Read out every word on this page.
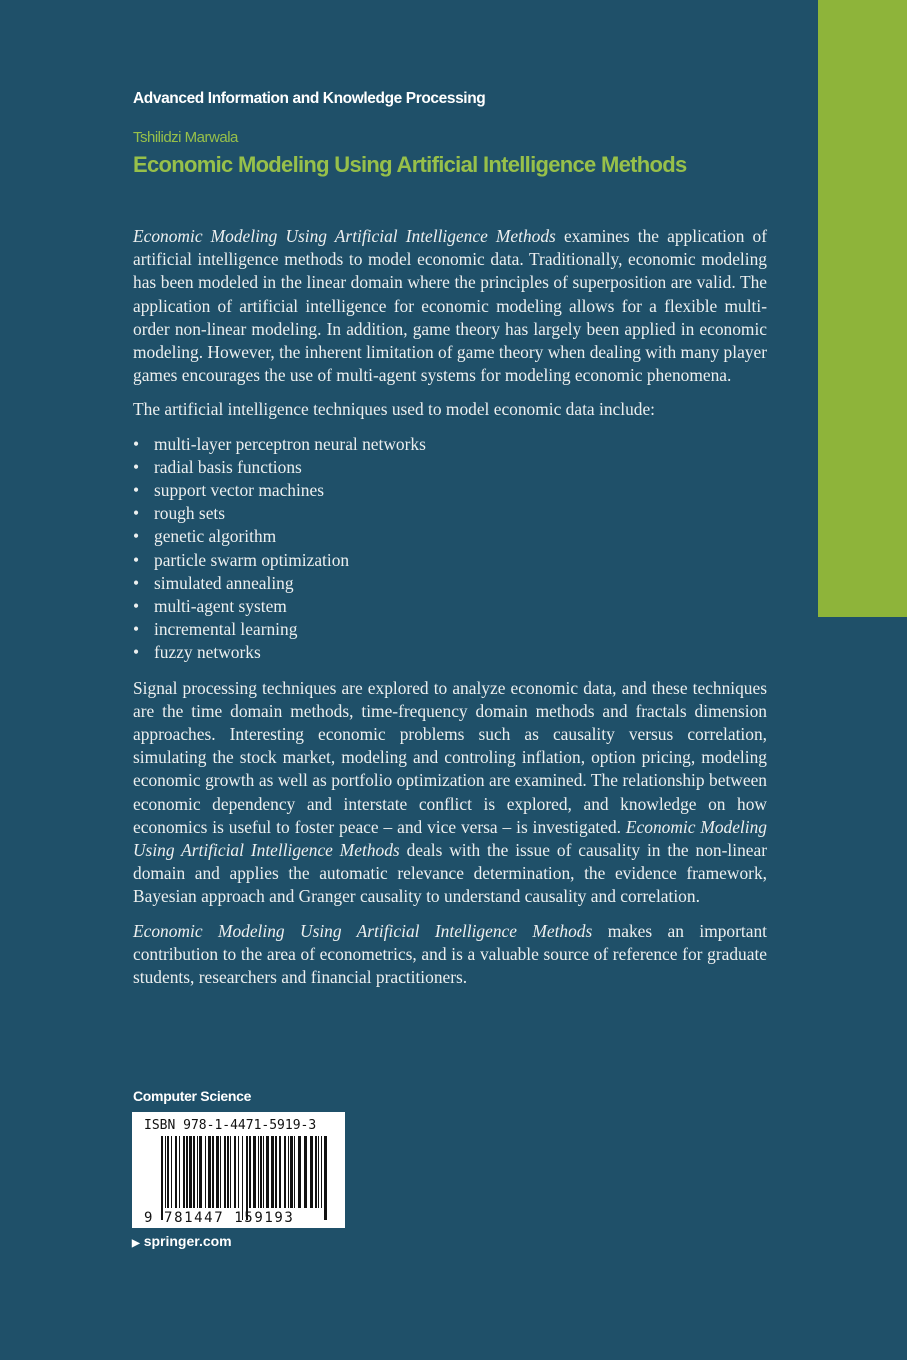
Advanced Information and Knowledge Processing
Tshilidzi Marwala
Economic Modeling Using Artificial Intelligence Methods

Economic Modeling Using Artificial Intelligence Methods examines the application of artificial intelligence methods to model economic data. Traditionally, economic modeling has been modeled in the linear domain where the principles of superposition are valid. The application of artificial intelligence for economic modeling allows for a flexible multi-order non-linear modeling. In addition, game theory has largely been applied in economic modeling. However, the inherent limitation of game theory when dealing with many player games encourages the use of multi-agent systems for modeling economic phenomena.

The artificial intelligence techniques used to model economic data include:

• multi-layer perceptron neural networks
• radial basis functions
• support vector machines
• rough sets
• genetic algorithm
• particle swarm optimization
• simulated annealing
• multi-agent system
• incremental learning
• fuzzy networks

Signal processing techniques are explored to analyze economic data, and these techniques are the time domain methods, time-frequency domain methods and fractals dimension approaches. Interesting economic problems such as causality versus correlation, simulating the stock market, modeling and controling inflation, option pricing, modeling economic growth as well as portfolio optimization are examined. The relationship between economic dependency and interstate conflict is explored, and knowledge on how economics is useful to foster peace – and vice versa – is investigated. Economic Modeling Using Artificial Intelligence Methods deals with the issue of causality in the non-linear domain and applies the automatic relevance determination, the evidence framework, Bayesian approach and Granger causality to understand causality and correlation.

Economic Modeling Using Artificial Intelligence Methods makes an important contribution to the area of econometrics, and is a valuable source of reference for graduate students, researchers and financial practitioners.

Computer Science
ISBN 978-1-4471-5919-3
9 781447 159193
▶ springer.com
